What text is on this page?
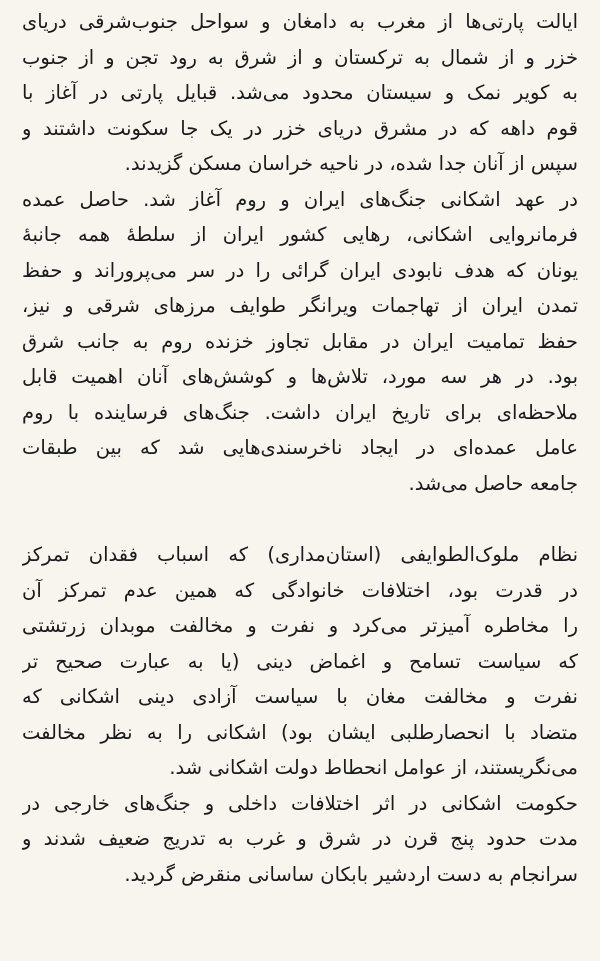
ایالت پارتی‌ها از مغرب به دامغان و سواحل جنوب‌شرقی دریای
خزر و از شمال به ترکستان و از شرق به رود تجن و از جنوب
به کویر نمک و سیستان محدود می‌شد. قبایل پارتی در آغاز با
قوم داهه که در مشرق دریای خزر در یک جا سکونت داشتند و
سپس از آنان جدا شده، در ناحیه خراسان مسکن گزیدند.
در عهد اشکانی جنگ‌های ایران و روم آغاز شد. حاصل عمده
فرمانروایی اشکانی، رهایی کشور ایران از سلطهٔ همه جانبهٔ
یونان که هدف نابودی ایران گرائی را در سر می‌پروراند و حفظ
تمدن ایران از تهاجمات ویرانگر طوایف مرزهای شرقی و نیز،
حفظ تمامیت ایران در مقابل تجاوز خزنده روم به جانب شرق
بود. در هر سه مورد، تلاش‌ها و کوشش‌های آنان اهمیت قابل
ملاحظه‌ای برای تاریخ ایران داشت. جنگ‌های فرساینده با روم
عامل عمده‌ای در ایجاد ناخرسندی‌هایی شد که بین طبقات
جامعه حاصل می‌شد.
نظام ملوک‌الطوایفی (استان‌مداری) که اسباب فقدان تمرکز
در قدرت بود، اختلافات خانوادگی که همین عدم تمرکز آن
را مخاطره آمیزتر می‌کرد و نفرت و مخالفت موبدان زرتشتی
که سیاست تسامح و اغماض دینی (یا به عبارت صحیح تر
نفرت و مخالفت مغان با سیاست آزادی دینی اشکانی که
متضاد با انحصارطلبی ایشان بود) اشکانی را به نظر مخالفت
می‌نگریستند، از عوامل انحطاط دولت اشکانی شد.
حکومت اشکانی در اثر اختلافات داخلی و جنگ‌های خارجی در
مدت حدود پنج قرن در شرق و غرب به تدریج ضعیف شدند و
سرانجام به دست اردشیر بابکان ساسانی منقرض گردید.
